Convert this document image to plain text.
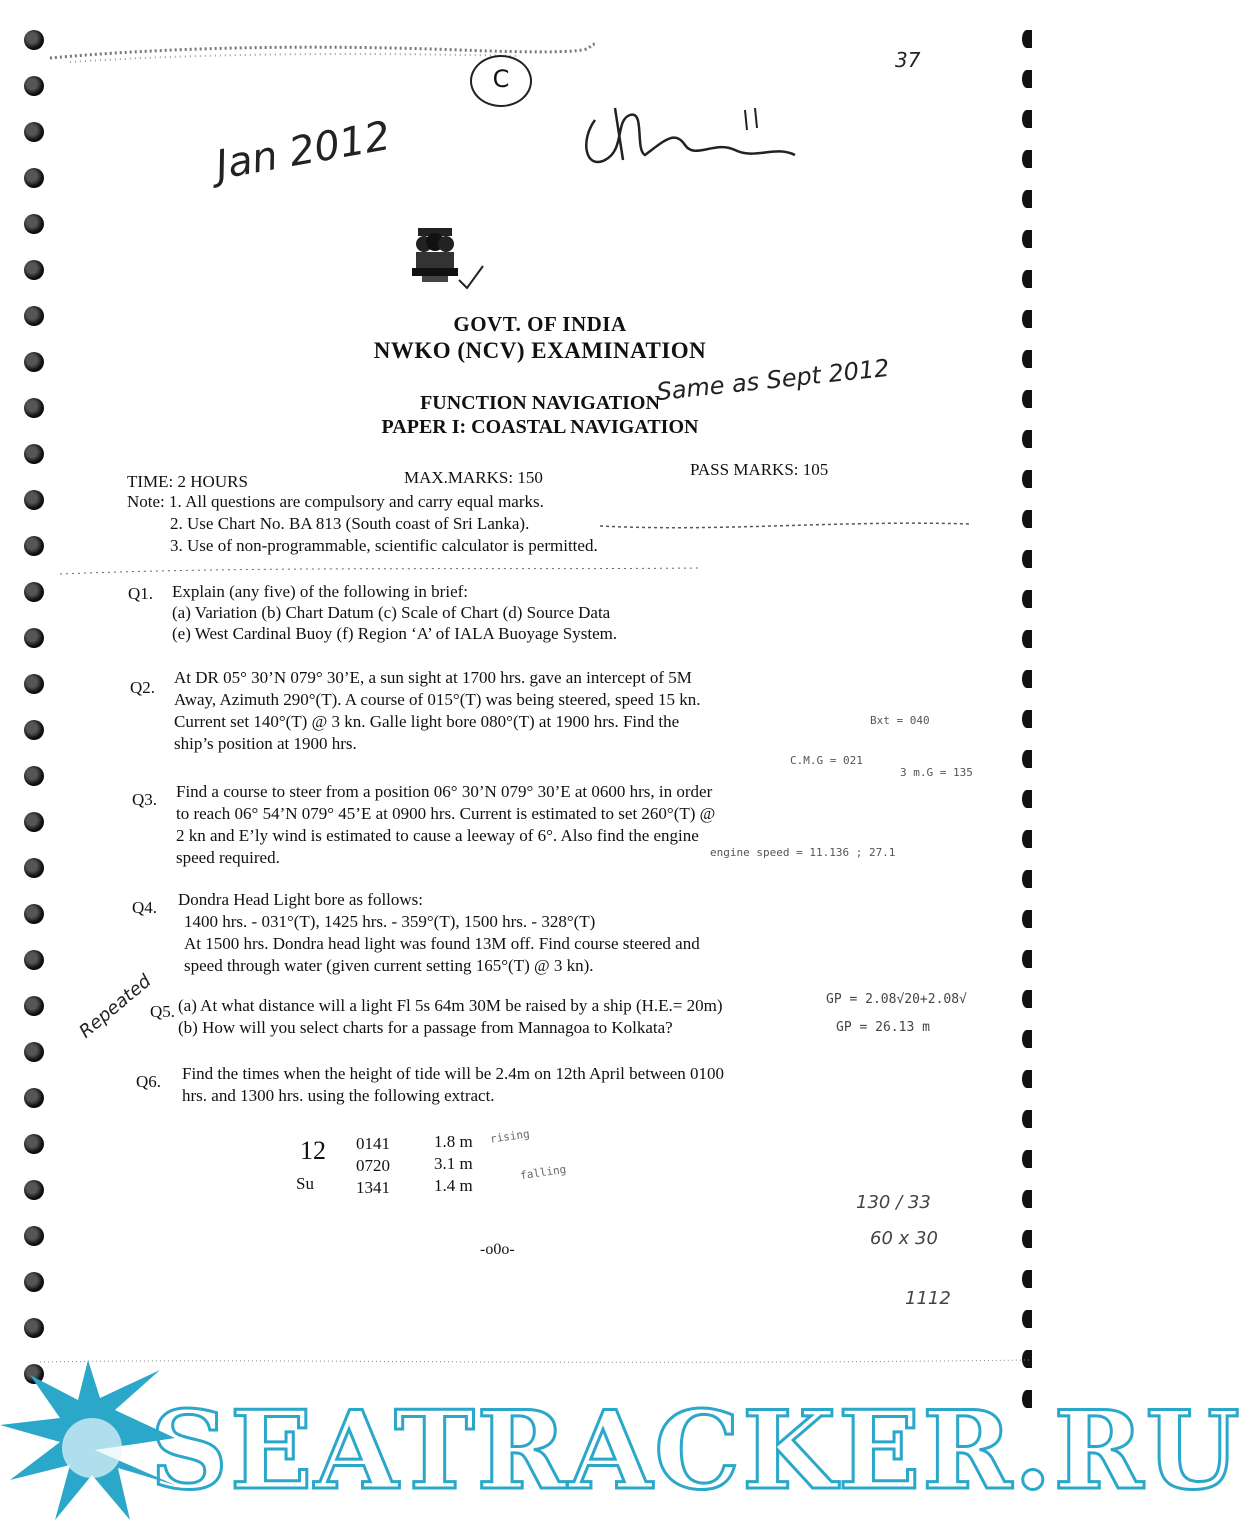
C
37
Jan 2012
Same as Sept 2012
Repeated
Bxt = 040
C.M.G = 021
3 m.G = 135
engine speed = 11.136 ; 27.1
GP = 2.08√20+2.08√
GP = 26.13 m
rising
falling
130 / 33
60 x 30
1112
GOVT. OF INDIA
NWKO (NCV) EXAMINATION
FUNCTION NAVIGATION
PAPER I: COASTAL NAVIGATION
TIME: 2 HOURS	MAX.MARKS: 150	PASS MARKS: 105
Note: 1. All questions are compulsory and carry equal marks.
2. Use Chart No. BA 813 (South coast of Sri Lanka).
3. Use of non-programmable, scientific calculator is permitted.
Q1. Explain (any five) of the following in brief:
(a) Variation (b) Chart Datum (c) Scale of Chart (d) Source Data
(e) West Cardinal Buoy (f) Region ‘A’ of IALA Buoyage System.
Q2.
At DR 05° 30’N 079° 30’E, a sun sight at 1700 hrs. gave an intercept of 5M
Away, Azimuth 290°(T). A course of 015°(T) was being steered, speed 15 kn.
Current set 140°(T) @ 3 kn. Galle light bore 080°(T) at 1900 hrs. Find the
ship’s position at 1900 hrs.
Q3. Find a course to steer from a position 06° 30’N 079° 30’E at 0600 hrs, in order
to reach 06° 54’N 079° 45’E at 0900 hrs. Current is estimated to set 260°(T) @
2 kn and E’ly wind is estimated to cause a leeway of 6°. Also find the engine
speed required.
Q4. Dondra Head Light bore as follows:
1400 hrs. - 031°(T), 1425 hrs. - 359°(T), 1500 hrs. - 328°(T)
At 1500 hrs. Dondra head light was found 13M off. Find course steered and
speed through water (given current setting 165°(T) @ 3 kn).
Q5. (a) At what distance will a light Fl 5s 64m 30M be raised by a ship (H.E.= 20m)
(b) How will you select charts for a passage from Mannagoa to Kolkata?
Q6. Find the times when the height of tide will be 2.4m on 12th April between 0100
hrs. and 1300 hrs. using the following extract.
12
Su
0141	1.8 m
0720	3.1 m
1341	1.4 m
-o0o-
SEATRACKER.RU
